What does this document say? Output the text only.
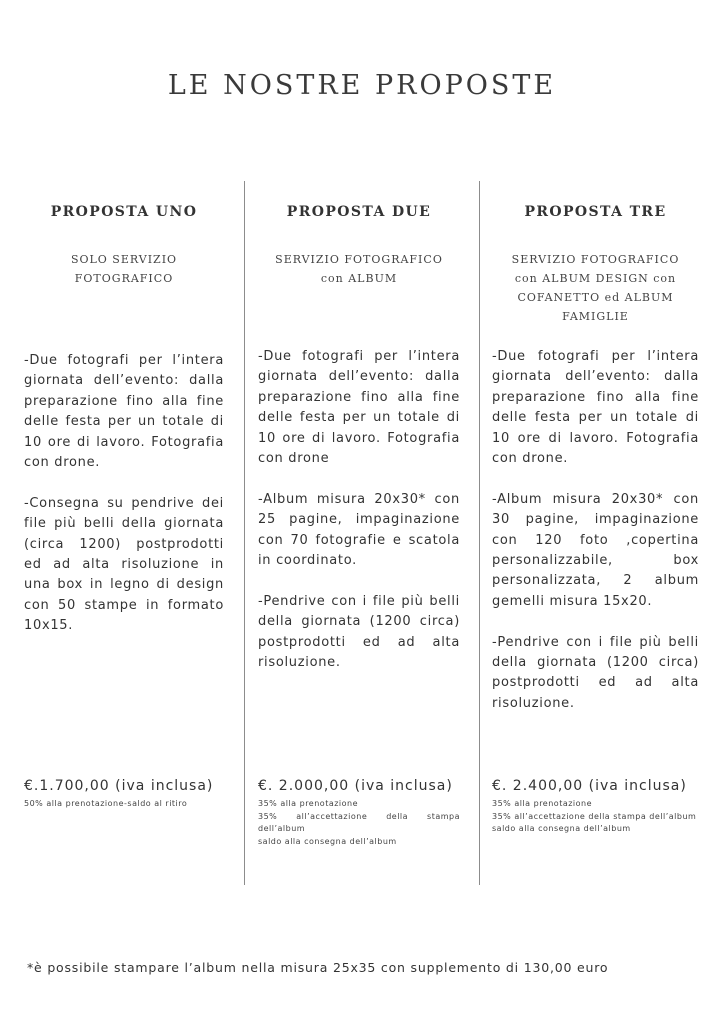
LE NOSTRE PROPOSTE
PROPOSTA UNO
SOLO SERVIZIO
FOTOGRAFICO

-Due fotografi per l’intera giornata dell’evento: dalla preparazione fino alla fine delle festa per un totale di 10 ore di lavoro. Fotografia con drone.

-Consegna su pendrive dei file più belli della giornata (circa 1200) postprodotti ed ad alta risoluzione in una box in legno di design con 50 stampe in formato 10x15.

€.1.700,00 (iva inclusa)
50% alla prenotazione-saldo al ritiro
PROPOSTA DUE
SERVIZIO FOTOGRAFICO
con ALBUM

-Due fotografi per l’intera giornata dell’evento: dalla preparazione fino alla fine delle festa per un totale di 10 ore di lavoro. Fotografia con drone

-Album misura 20x30* con 25 pagine, impaginazione con 70 fotografie e scatola in coordinato.

-Pendrive con i file più belli della giornata (1200 circa) postprodotti ed ad alta risoluzione.

€. 2.000,00 (iva inclusa)
35% alla prenotazione
35% all’accettazione della stampa dell’album
saldo alla consegna dell’album
PROPOSTA TRE
SERVIZIO FOTOGRAFICO
con ALBUM DESIGN con
COFANETTO ed ALBUM
FAMIGLIE

-Due fotografi per l’intera giornata dell’evento: dalla preparazione fino alla fine delle festa per un totale di 10 ore di lavoro. Fotografia con drone.

-Album misura 20x30* con 30 pagine, impaginazione con 120 foto ,copertina personalizzabile, box personalizzata, 2 album gemelli misura 15x20.

-Pendrive con i file più belli della giornata (1200 circa) postprodotti ed ad alta risoluzione.

€. 2.400,00 (iva inclusa)
35% alla prenotazione
35% all’accettazione della stampa dell’album
saldo alla consegna dell’album
*è possibile stampare l’album nella misura 25x35 con supplemento di 130,00 euro
